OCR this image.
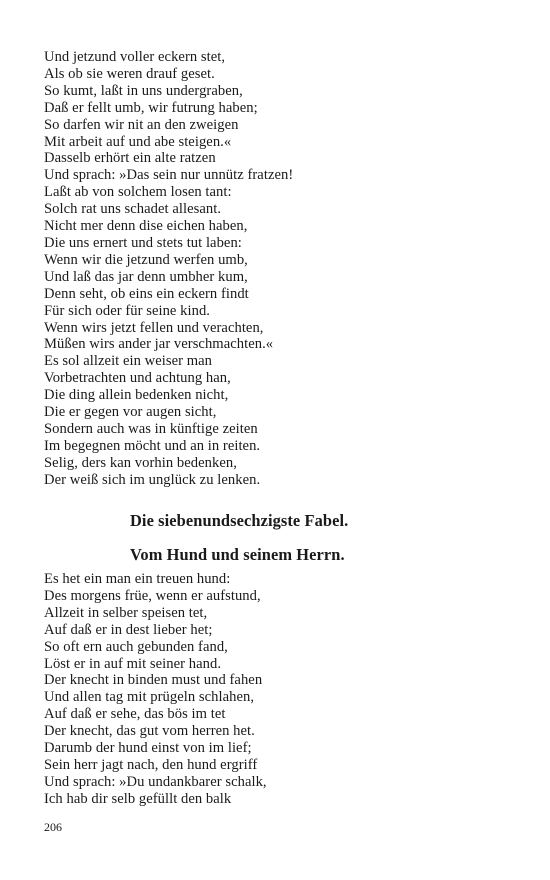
Und jetzund voller eckern stet,
Als ob sie weren drauf geset.
So kumt, laßt in uns undergraben,
Daß er fellt umb, wir futrung haben;
So darfen wir nit an den zweigen
Mit arbeit auf und abe steigen.«
Dasselb erhört ein alte ratzen
Und sprach: »Das sein nur unnütz fratzen!
Laßt ab von solchem losen tant:
Solch rat uns schadet allesant.
Nicht mer denn dise eichen haben,
Die uns ernert und stets tut laben:
Wenn wir die jetzund werfen umb,
Und laß das jar denn umbher kum,
Denn seht, ob eins ein eckern findt
Für sich oder für seine kind.
Wenn wirs jetzt fellen und verachten,
Müßen wirs ander jar verschmachten.«
Es sol allzeit ein weiser man
Vorbetrachten und achtung han,
Die ding allein bedenken nicht,
Die er gegen vor augen sicht,
Sondern auch was in künftige zeiten
Im begegnen möcht und an in reiten.
Selig, ders kan vorhin bedenken,
Der weiß sich im unglück zu lenken.
Die siebenundsechzigste Fabel.
Vom Hund und seinem Herrn.
Es het ein man ein treuen hund:
Des morgens früe, wenn er aufstund,
Allzeit in selber speisen tet,
Auf daß er in dest lieber het;
So oft ern auch gebunden fand,
Löst er in auf mit seiner hand.
Der knecht in binden must und fahen
Und allen tag mit prügeln schlahen,
Auf daß er sehe, das bös im tet
Der knecht, das gut vom herren het.
Darumb der hund einst von im lief;
Sein herr jagt nach, den hund ergriff
Und sprach: »Du undankbarer schalk,
Ich hab dir selb gefüllt den balk
206
